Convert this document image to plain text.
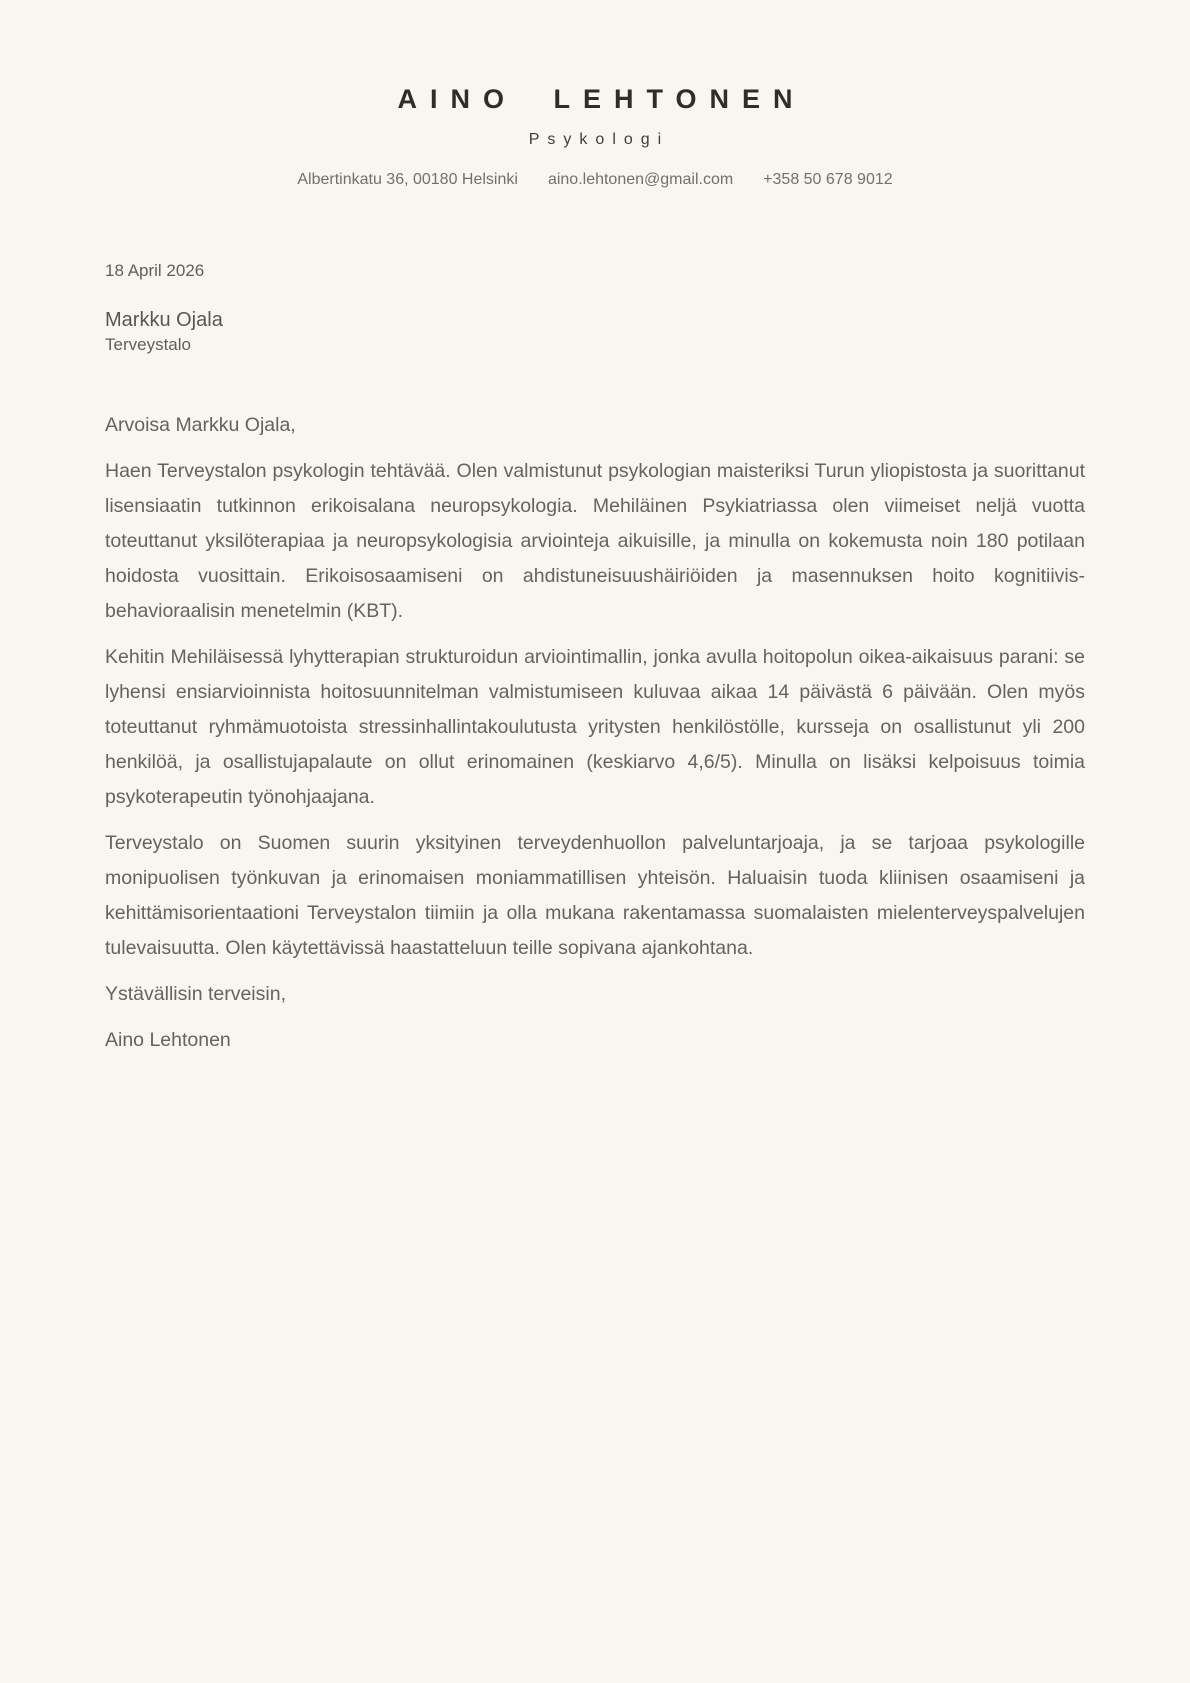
AINO LEHTONEN
Psykologi
Albertinkatu 36, 00180 Helsinki aino.lehtonen@gmail.com +358 50 678 9012
18 April 2026
Markku Ojala
Terveystalo

Arvoisa Markku Ojala,

Haen Terveystalon psykologin tehtävää. Olen valmistunut psykologian maisteriksi Turun yliopistosta ja suorittanut lisensiaatin tutkinnon erikoisalana neuropsykologia. Mehiläinen Psykiatriassa olen viimeiset neljä vuotta toteuttanut yksilöterapiaa ja neuropsykologisia arviointeja aikuisille, ja minulla on kokemusta noin 180 potilaan hoidosta vuosittain. Erikoisosaamiseni on ahdistuneisuushäiriöiden ja masennuksen hoito kognitiivis-behavioraalisin menetelmin (KBT).

Kehitin Mehiläisessä lyhytterapian strukturoidun arviointimallin, jonka avulla hoitopolun oikea-aikaisuus parani: se lyhensi ensiarvioinnista hoitosuunnitelman valmistumiseen kuluvaa aikaa 14 päivästä 6 päivään. Olen myös toteuttanut ryhmämuotoista stressinhallintakoulutusta yritysten henkilöstölle, kursseja on osallistunut yli 200 henkilöä, ja osallistujapalaute on ollut erinomainen (keskiarvo 4,6/5). Minulla on lisäksi kelpoisuus toimia psykoterapeutin työnohjaajana.

Terveystalo on Suomen suurin yksityinen terveydenhuollon palveluntarjoaja, ja se tarjoaa psykologille monipuolisen työnkuvan ja erinomaisen moniammatillisen yhteisön. Haluaisin tuoda kliinisen osaamiseni ja kehittämisorientaationi Terveystalon tiimiin ja olla mukana rakentamassa suomalaisten mielenterveyspalvelujen tulevaisuutta. Olen käytettävissä haastatteluun teille sopivana ajankohtana.

Ystävällisin terveisin,

Aino Lehtonen
